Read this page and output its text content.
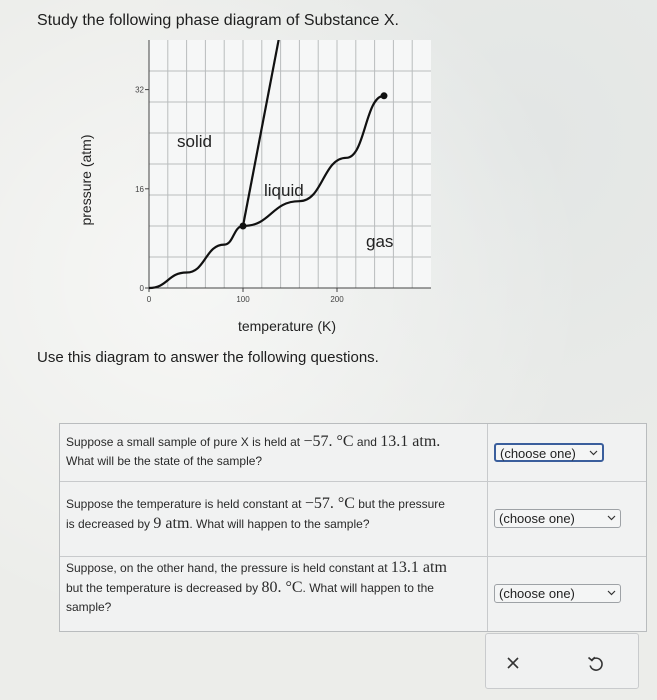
Study the following phase diagram of Substance X.
0	100	200
0
16
32
temperature (K)
pressure (atm)	solid
liquid
gas
Use this diagram to answer the following questions.
Suppose a small sample of pure X is held at −57. °C and 13.1 atm.
What will be the state of the sample?	(choose one)
Suppose the temperature is held constant at −57. °C but the pressure
is decreased by 9 atm. What will happen to the sample?	(choose one)
Suppose, on the other hand, the pressure is held constant at 13.1 atm
but the temperature is decreased by 80. °C. What will happen to the
sample?
(choose one)
